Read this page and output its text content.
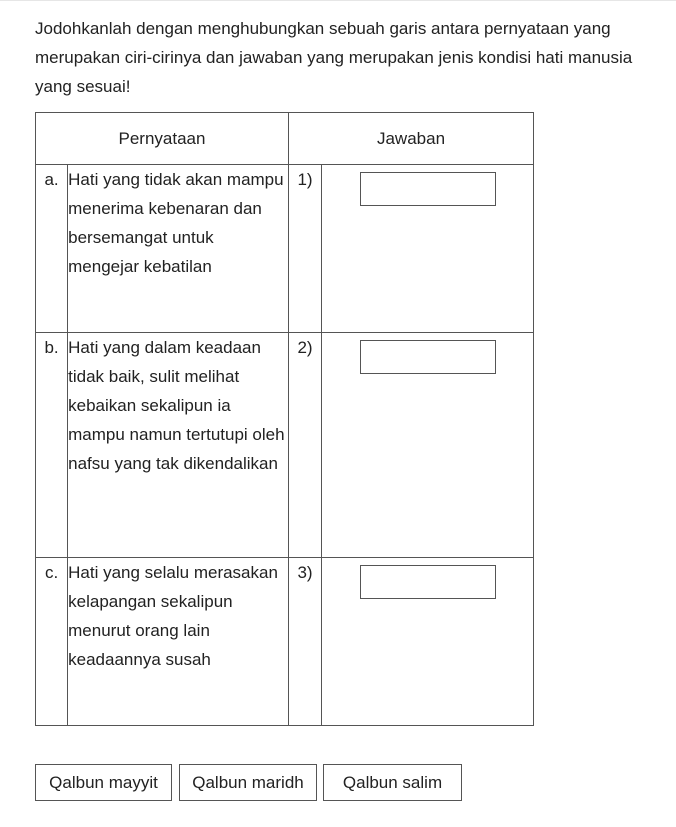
Jodohkanlah dengan menghubungkan sebuah garis antara pernyataan yang merupakan ciri-cirinya dan jawaban yang merupakan jenis kondisi hati manusia yang sesuai!

Pernyataan		Jawaban	
a.	Hati yang tidak akan mampu menerima kebenaran dan bersemangat untuk mengejar kebatilan	1)	

b.	Hati yang dalam keadaan tidak baik, sulit melihat kebaikan sekalipun ia mampu namun tertutupi oleh nafsu yang tak dikendalikan	2)	

c.	Hati yang selalu merasakan kelapangan sekalipun menurut orang lain keadaannya susah	3)	
Qalbun mayyit	Qalbun maridh	Qalbun salim
